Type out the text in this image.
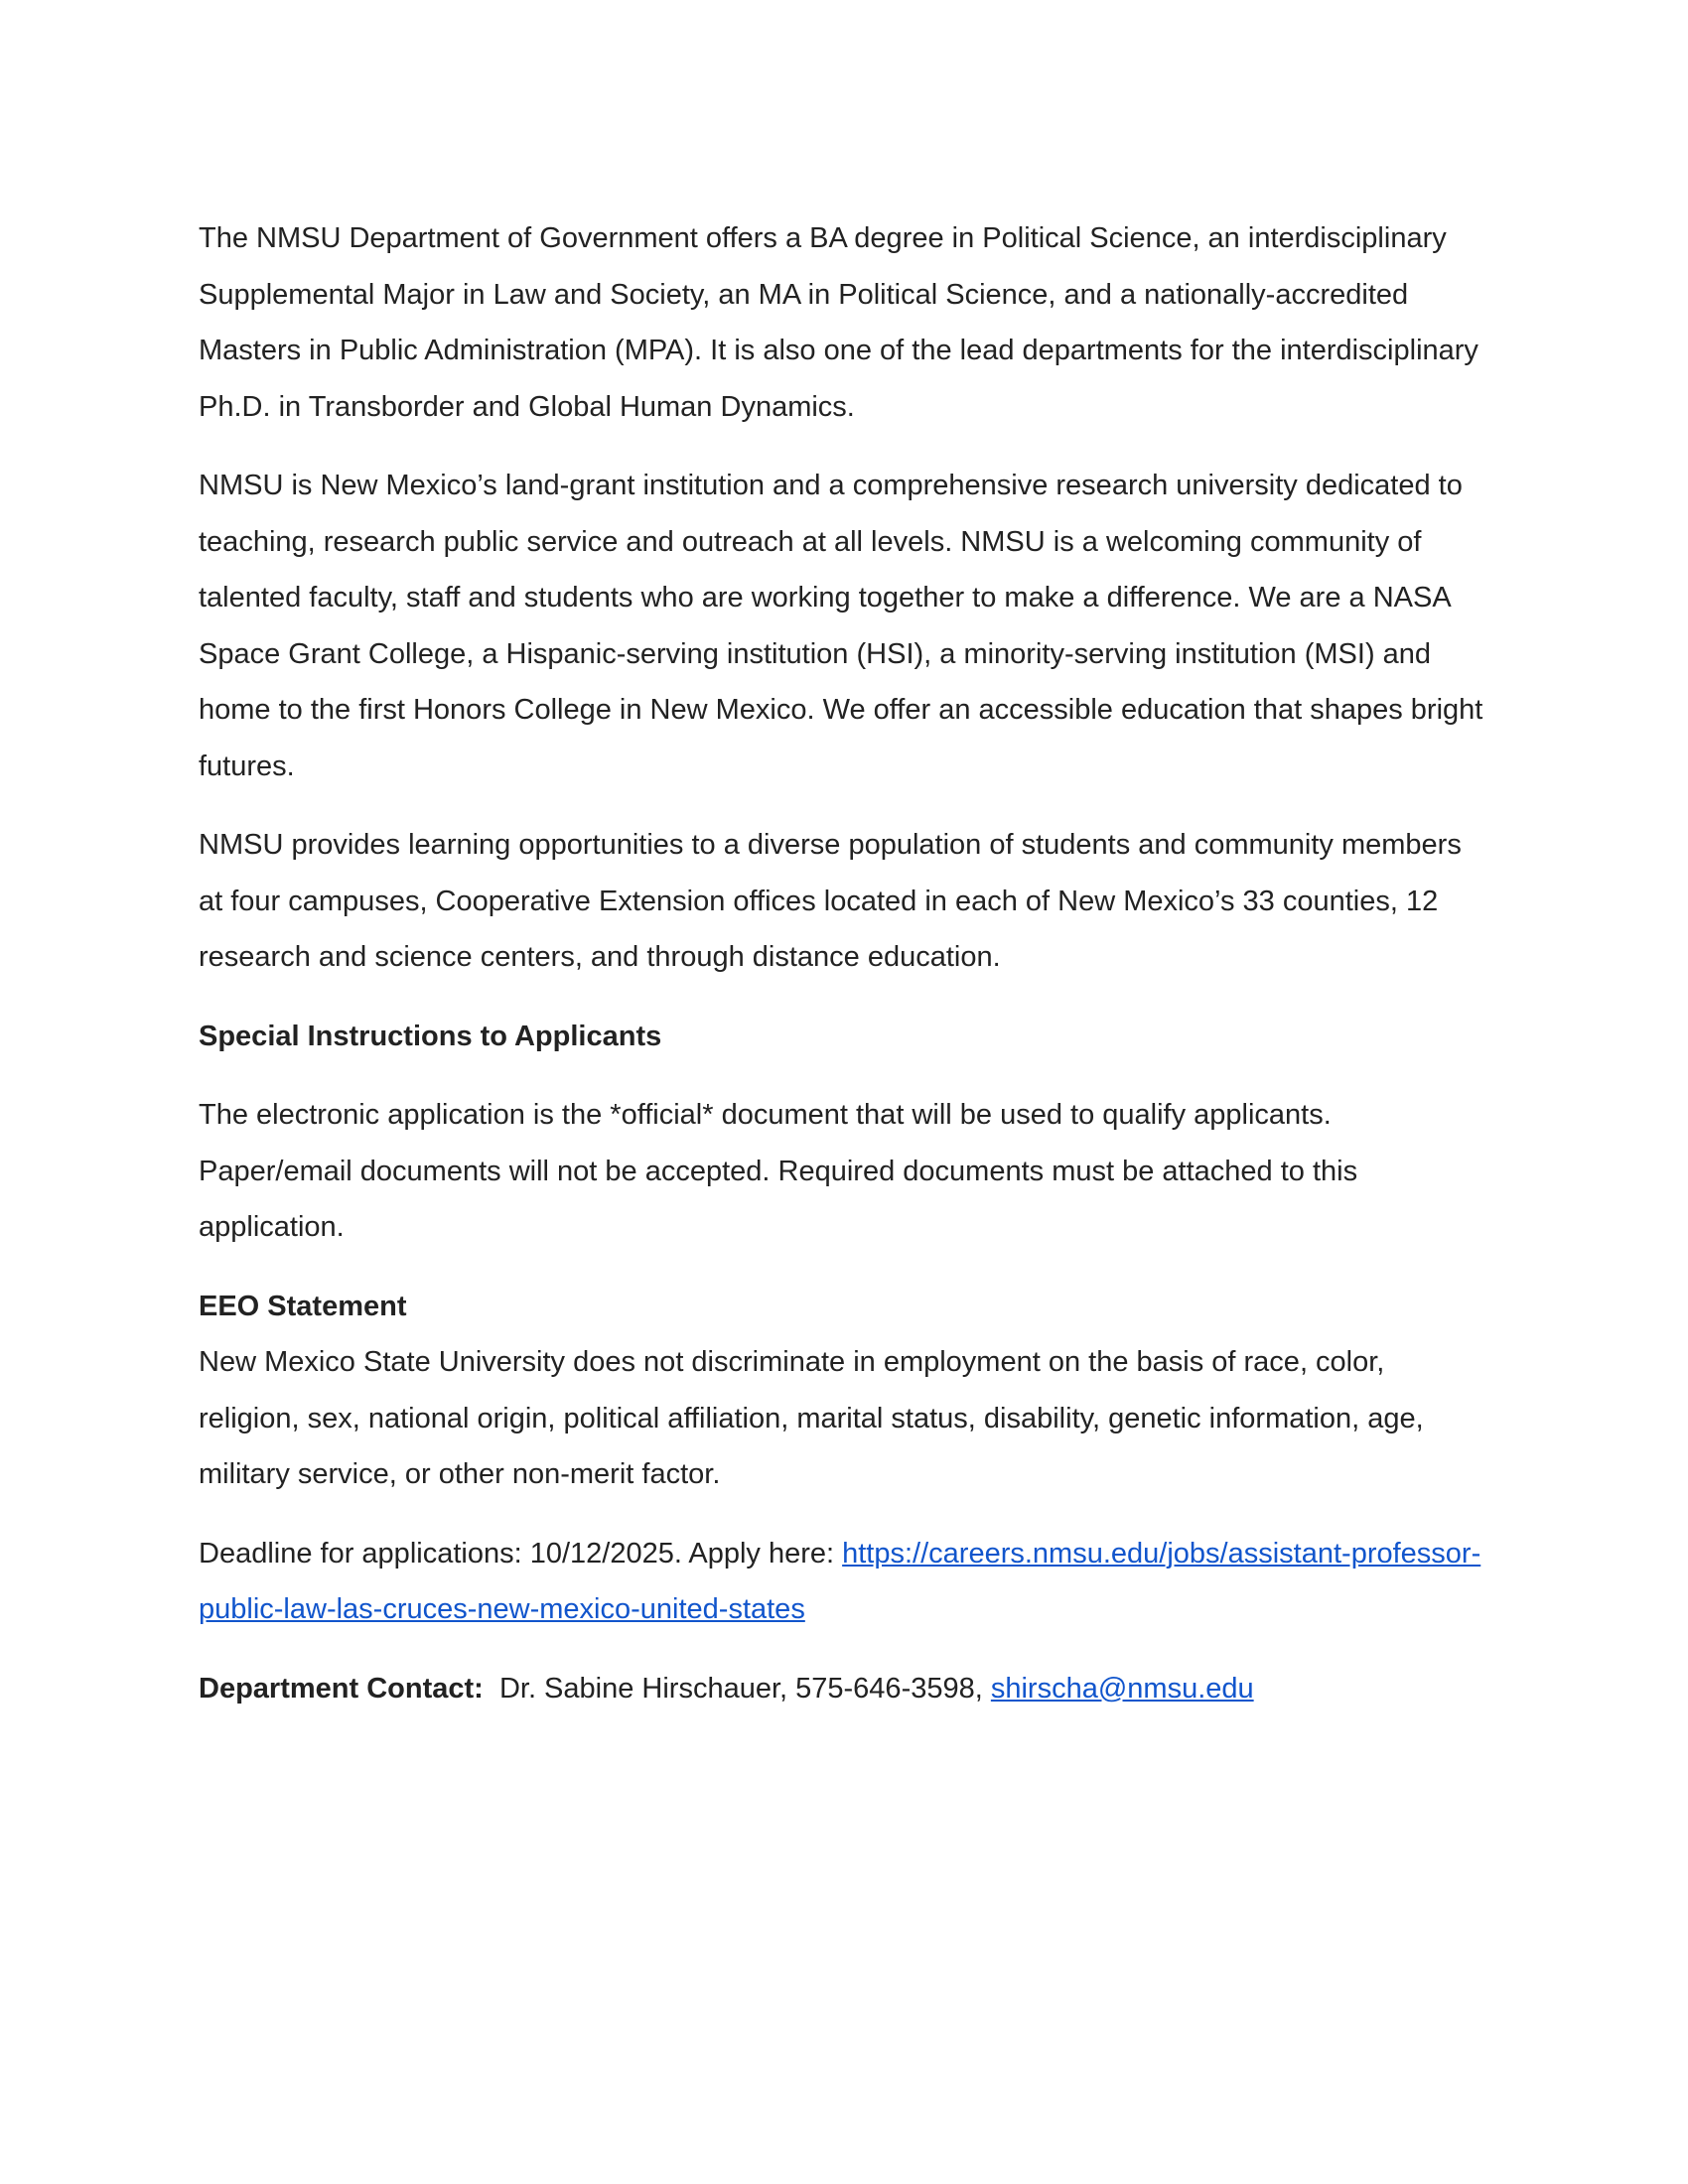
The NMSU Department of Government offers a BA degree in Political Science, an interdisciplinary Supplemental Major in Law and Society, an MA in Political Science, and a nationally-accredited Masters in Public Administration (MPA). It is also one of the lead departments for the interdisciplinary Ph.D. in Transborder and Global Human Dynamics.

NMSU is New Mexico’s land-grant institution and a comprehensive research university dedicated to teaching, research public service and outreach at all levels. NMSU is a welcoming community of talented faculty, staff and students who are working together to make a difference. We are a NASA Space Grant College, a Hispanic-serving institution (HSI), a minority-serving institution (MSI) and home to the first Honors College in New Mexico. We offer an accessible education that shapes bright futures.

NMSU provides learning opportunities to a diverse population of students and community members at four campuses, Cooperative Extension offices located in each of New Mexico’s 33 counties, 12 research and science centers, and through distance education.

Special Instructions to Applicants

The electronic application is the *official* document that will be used to qualify applicants. Paper/email documents will not be accepted. Required documents must be attached to this application.

EEO Statement

New Mexico State University does not discriminate in employment on the basis of race, color, religion, sex, national origin, political affiliation, marital status, disability, genetic information, age, military service, or other non-merit factor.

Deadline for applications: 10/12/2025. Apply here: https://careers.nmsu.edu/jobs/assistant-professor-public-law-las-cruces-new-mexico-united-states

Department Contact: Dr. Sabine Hirschauer, 575-646-3598, shirscha@nmsu.edu
